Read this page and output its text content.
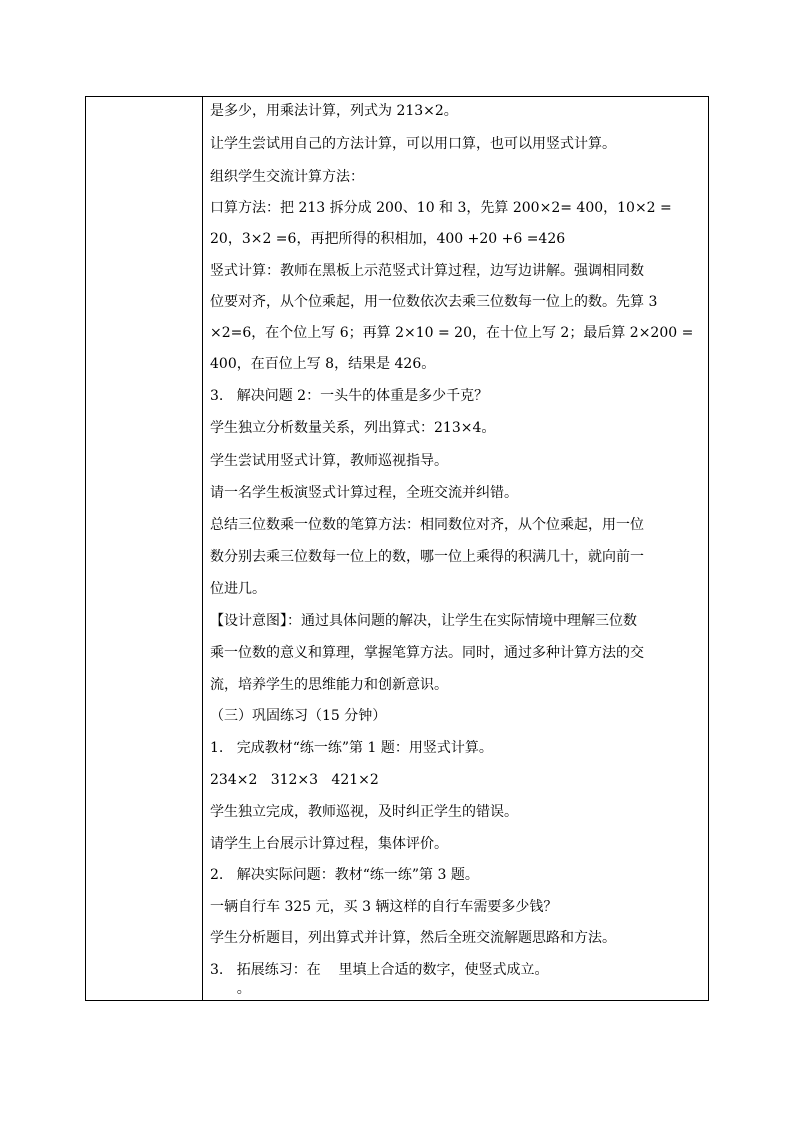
是多少，用乘法计算，列式为 213×2。
让学生尝试用自己的方法计算，可以用口算，也可以用竖式计算。
组织学生交流计算方法：
口算方法：把 213 拆分成 200、10 和 3，先算 200×2= 400，10×2 =
20，3×2 =6，再把所得的积相加，400 +20 +6 =426
竖式计算：教师在黑板上示范竖式计算过程，边写边讲解。强调相同数
位要对齐，从个位乘起，用一位数依次去乘三位数每一位上的数。先算 3
×2=6，在个位上写 6；再算 2×10 = 20，在十位上写 2；最后算 2×200 =
400，在百位上写 8，结果是 426。
3.   解决问题 2：一头牛的体重是多少千克？
学生独立分析数量关系，列出算式：213×4。
学生尝试用竖式计算，教师巡视指导。
请一名学生板演竖式计算过程，全班交流并纠错。
总结三位数乘一位数的笔算方法：相同数位对齐，从个位乘起，用一位
数分别去乘三位数每一位上的数，哪一位上乘得的积满几十，就向前一
位进几。
【设计意图】：通过具体问题的解决，让学生在实际情境中理解三位数
乘一位数的意义和算理，掌握笔算方法。同时，通过多种计算方法的交
流，培养学生的思维能力和创新意识。
（三）巩固练习（15 分钟）
1.   完成教材“练一练”第 1 题：用竖式计算。
234×2   312×3   421×2
学生独立完成，教师巡视，及时纠正学生的错误。
请学生上台展示计算过程，集体评价。
2.   解决实际问题：教材“练一练”第 3 题。
一辆自行车 325 元，买 3 辆这样的自行车需要多少钱？
学生分析题目，列出算式并计算，然后全班交流解题思路和方法。
3.   拓展练习：在    里填上合适的数字，使竖式成立。
。
